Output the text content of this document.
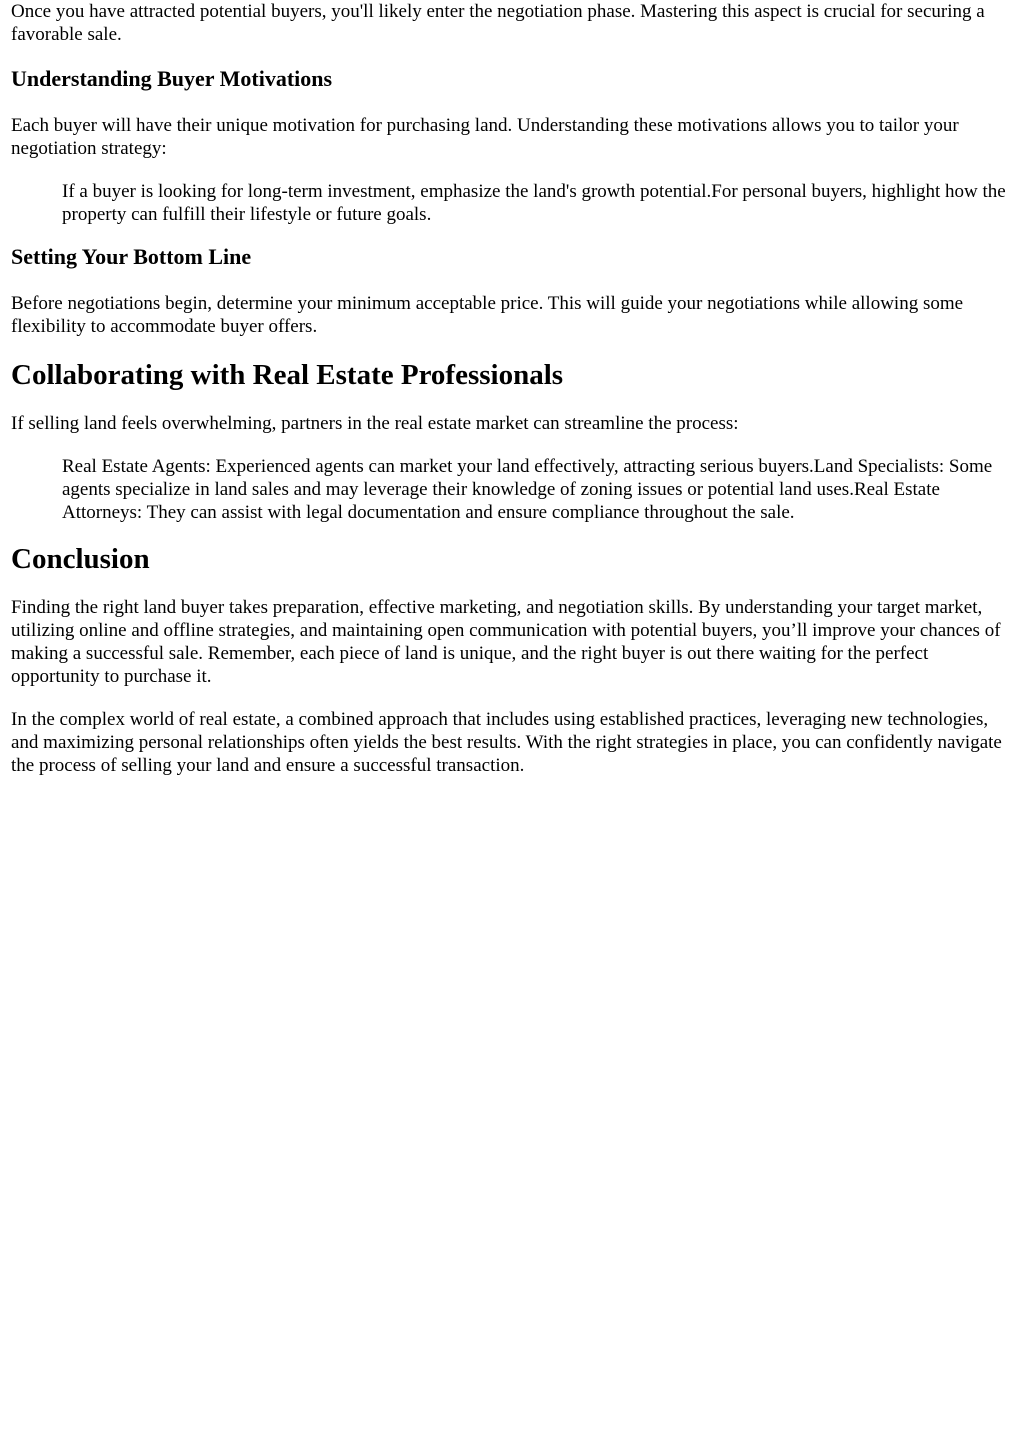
Once you have attracted potential buyers, you'll likely enter the negotiation phase. Mastering this aspect is crucial for securing a favorable sale.

Understanding Buyer Motivations

Each buyer will have their unique motivation for purchasing land. Understanding these motivations allows you to tailor your negotiation strategy:

If a buyer is looking for long-term investment, emphasize the land's growth potential.For personal buyers, highlight how the property can fulfill their lifestyle or future goals.
Setting Your Bottom Line

Before negotiations begin, determine your minimum acceptable price. This will guide your negotiations while allowing some flexibility to accommodate buyer offers.

Collaborating with Real Estate Professionals

If selling land feels overwhelming, partners in the real estate market can streamline the process:

Real Estate Agents: Experienced agents can market your land effectively, attracting serious buyers.Land Specialists: Some agents specialize in land sales and may leverage their knowledge of zoning issues or potential land uses.Real Estate Attorneys: They can assist with legal documentation and ensure compliance throughout the sale.
Conclusion

Finding the right land buyer takes preparation, effective marketing, and negotiation skills. By understanding your target market, utilizing online and offline strategies, and maintaining open communication with potential buyers, you’ll improve your chances of making a successful sale. Remember, each piece of land is unique, and the right buyer is out there waiting for the perfect opportunity to purchase it.

In the complex world of real estate, a combined approach that includes using established practices, leveraging new technologies, and maximizing personal relationships often yields the best results. With the right strategies in place, you can confidently navigate the process of selling your land and ensure a successful transaction.
